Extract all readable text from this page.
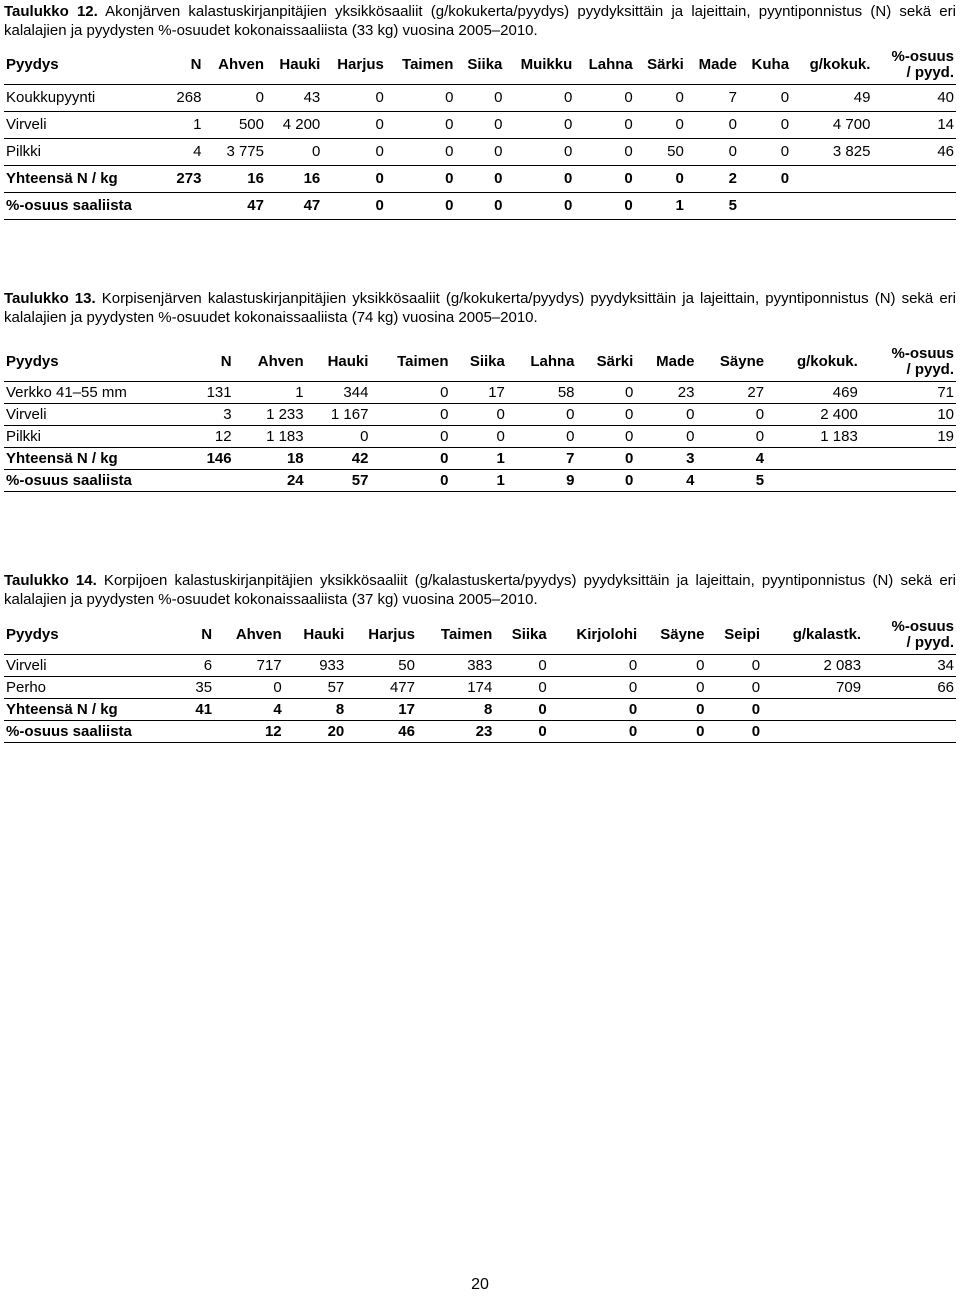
Taulukko 12. Akonjärven kalastuskirjanpitäjien yksikkösaaliit (g/kokukerta/pyydys) pyydyksittäin ja lajeittain, pyyntiponnistus (N) sekä eri kalalajien ja pyydysten %-osuudet kokonaissaaliista (33 kg) vuosina 2005–2010.
Pyydys	N	Ahven	Hauki	Harjus	Taimen	Siika	Muikku	Lahna	Särki	Made	Kuha	g/kokuk.	%-osuus
/ pyyd.
Koukkupyynti	268	0	43	0	0	0	0	0	0	7	0	49	40
Virveli	1	500	4 200	0	0	0	0	0	0	0	0	4 700	14
Pilkki	4	3 775	0	0	0	0	0	0	50	0	0	3 825	46
Yhteensä N / kg	273	16	16	0	0	0	0	0	0	2	0		
%-osuus saaliista		47	47	0	0	0	0	0	1	5			
Taulukko 13. Korpisenjärven kalastuskirjanpitäjien yksikkösaaliit (g/kokukerta/pyydys) pyydyksittäin ja lajeittain, pyyntiponnistus (N) sekä eri kalalajien ja pyydysten %-osuudet kokonaissaaliista (74 kg) vuosina 2005–2010.
Pyydys	N	Ahven	Hauki	Taimen	Siika	Lahna	Särki	Made	Säyne	g/kokuk.	%-osuus
/ pyyd.
Verkko 41–55 mm	131	1	344	0	17	58	0	23	27	469	71
Virveli	3	1 233	1 167	0	0	0	0	0	0	2 400	10
Pilkki	12	1 183	0	0	0	0	0	0	0	1 183	19
Yhteensä N / kg	146	18	42	0	1	7	0	3	4		
%-osuus saaliista		24	57	0	1	9	0	4	5		
Taulukko 14. Korpijoen kalastuskirjanpitäjien yksikkösaaliit (g/kalastuskerta/pyydys) pyydyksittäin ja lajeittain, pyyntiponnistus (N) sekä eri kalalajien ja pyydysten %-osuudet kokonaissaaliista (37 kg) vuosina 2005–2010.
Pyydys	N	Ahven	Hauki	Harjus	Taimen	Siika	Kirjolohi	Säyne	Seipi	g/kalastk.	%-osuus
/ pyyd.
Virveli	6	717	933	50	383	0	0	0	0	2 083	34
Perho	35	0	57	477	174	0	0	0	0	709	66
Yhteensä N / kg	41	4	8	17	8	0	0	0	0		
%-osuus saaliista		12	20	46	23	0	0	0	0		
20
